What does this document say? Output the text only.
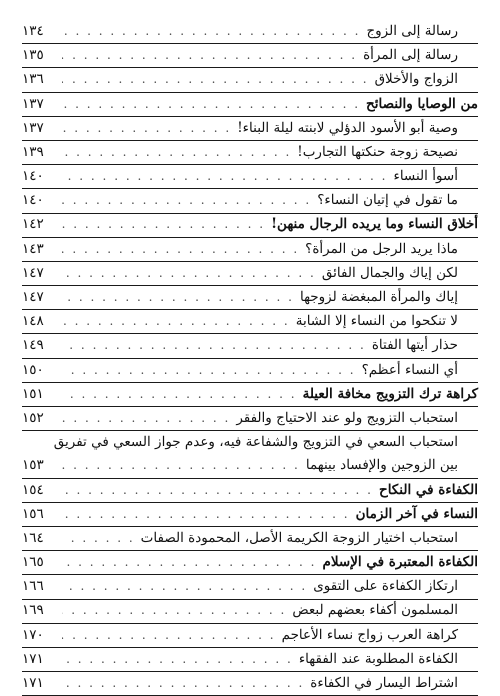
رسالة إلى الزوج
. . .
١٣٤
رسالة إلى المرأة
. . .
١٣٥
الزواج والأخلاق
. . .
١٣٦
من الوصايا والنصائح
. . .
١٣٧
وصية أبو الأسود الدؤلي لابنته ليلة البناء!
. . .
١٣٧
نصيحة زوجة حنكتها التجارب!
. . .
١٣٩
أسوأ النساء
. . .
١٤٠
ما تقول في إتيان النساء؟
. . .
١٤٠
أخلاق النساء وما يريده الرجال منهن!
. . .
١٤٢
ماذا يريد الرجل من المرأة؟
. . .
١٤٣
لكن إياك والجمال الفائق
. . .
١٤٧
إياك والمرأة المبغضة لزوجها
. . .
١٤٧
لا تنكحوا من النساء إلا الشابة
. . .
١٤٨
حذار أيتها الفتاة
. . .
١٤٩
أي النساء أعظم؟
. . .
١٥٠
كراهة ترك التزويج مخافة العيلة
. . .
١٥١
استحباب التزويج ولو عند الاحتياج والفقر
. . .
١٥٢
استحباب السعي في التزويج والشفاعة فيه، وعدم جواز السعي في تفريق
بين الزوجين والإفساد بينهما
. . .
١٥٣
الكفاءة في النكاح
. . .
١٥٤
النساء في آخر الزمان
. . .
١٥٦
استحباب اختيار الزوجة الكريمة الأصل، المحمودة الصفات
. . .
١٦٤
الكفاءة المعتبرة في الإسلام
. . .
١٦٥
ارتكاز الكفاءة على التقوى
. . .
١٦٦
المسلمون أكفاء بعضهم لبعض
. . .
١٦٩
كراهة العرب زواج نساء الأعاجم
. . .
١٧٠
الكفاءة المطلوبة عند الفقهاء
. . .
١٧١
اشتراط اليسار في الكفاءة
. . .
١٧١
